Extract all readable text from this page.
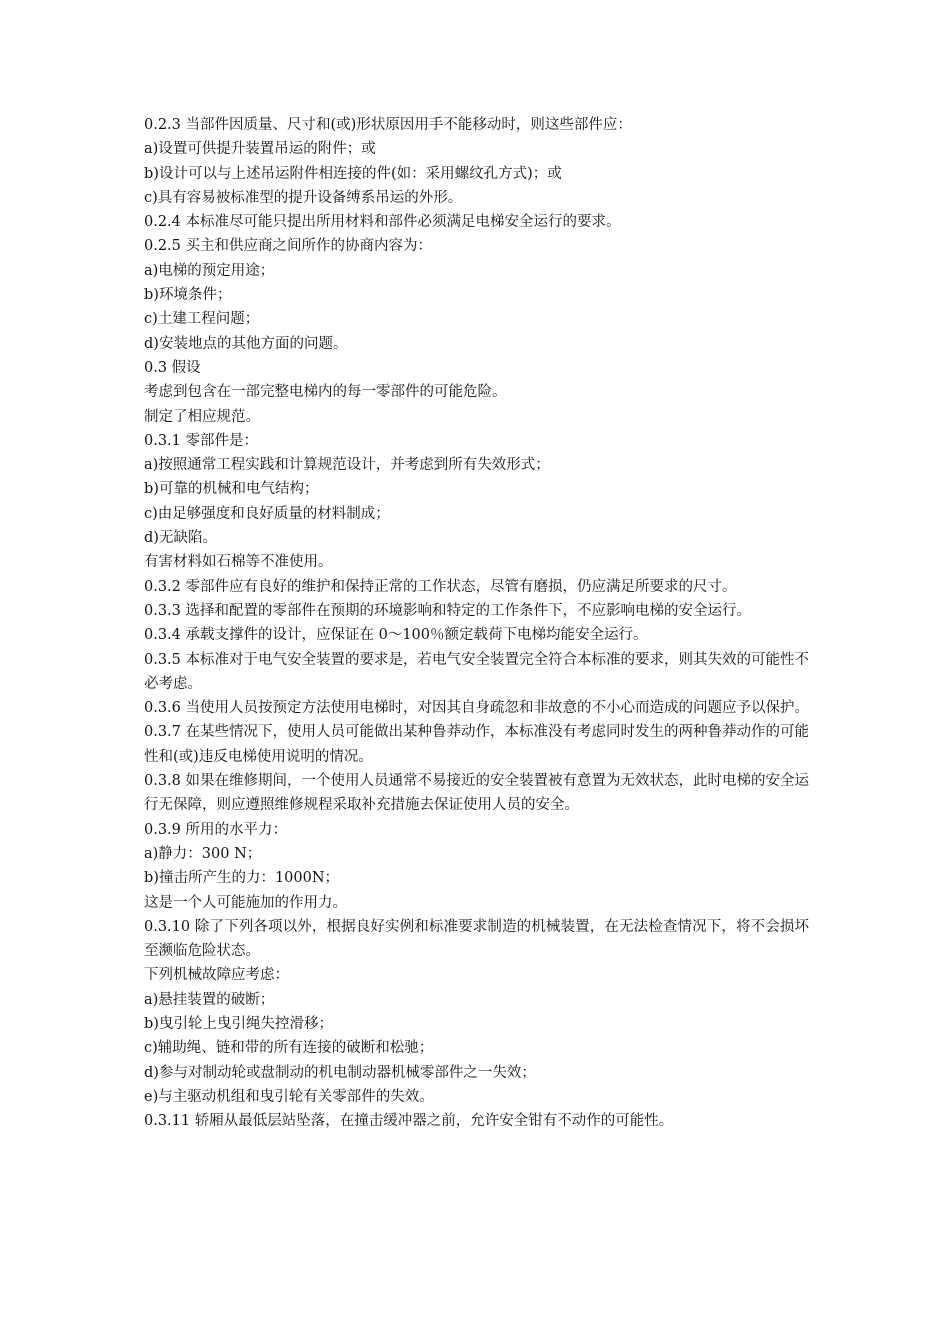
0.2.3 当部件因质量、尺寸和(或)形状原因用手不能移动时，则这些部件应：

a)设置可供提升装置吊运的附件；或

b)设计可以与上述吊运附件相连接的件(如：采用螺纹孔方式)；或

c)具有容易被标准型的提升设备缚系吊运的外形。

0.2.4 本标准尽可能只提出所用材料和部件必须满足电梯安全运行的要求。

0.2.5 买主和供应商之间所作的协商内容为：

a)电梯的预定用途；

b)环境条件；

c)土建工程问题；

d)安装地点的其他方面的问题。

0.3 假设

考虑到包含在一部完整电梯内的每一零部件的可能危险。

制定了相应规范。

0.3.1 零部件是：

a)按照通常工程实践和计算规范设计，并考虑到所有失效形式；

b)可靠的机械和电气结构；

c)由足够强度和良好质量的材料制成；

d)无缺陷。

有害材料如石棉等不准使用。

0.3.2 零部件应有良好的维护和保持正常的工作状态，尽管有磨损，仍应满足所要求的尺寸。

0.3.3 选择和配置的零部件在预期的环境影响和特定的工作条件下，不应影响电梯的安全运行。

0.3.4 承载支撑件的设计，应保证在 0～100％额定载荷下电梯均能安全运行。

0.3.5 本标准对于电气安全装置的要求是，若电气安全装置完全符合本标准的要求，则其失效的可能性不必考虑。

0.3.6 当使用人员按预定方法使用电梯时，对因其自身疏忽和非故意的不小心而造成的问题应予以保护。

0.3.7 在某些情况下，使用人员可能做出某种鲁莽动作，本标准没有考虑同时发生的两种鲁莽动作的可能性和(或)违反电梯使用说明的情况。

0.3.8 如果在维修期间，一个使用人员通常不易接近的安全装置被有意置为无效状态，此时电梯的安全运行无保障，则应遵照维修规程采取补充措施去保证使用人员的安全。

0.3.9 所用的水平力：

a)静力：300 N；

b)撞击所产生的力：1000N；

这是一个人可能施加的作用力。

0.3.10 除了下列各项以外，根据良好实例和标准要求制造的机械装置，在无法检查情况下，将不会损坏至濒临危险状态。

下列机械故障应考虑：

a)悬挂装置的破断；

b)曳引轮上曳引绳失控滑移；

c)辅助绳、链和带的所有连接的破断和松驰；

d)参与对制动轮或盘制动的机电制动器机械零部件之一失效；

e)与主驱动机组和曳引轮有关零部件的失效。

0.3.11 轿厢从最低层站坠落，在撞击缓冲器之前，允许安全钳有不动作的可能性。
